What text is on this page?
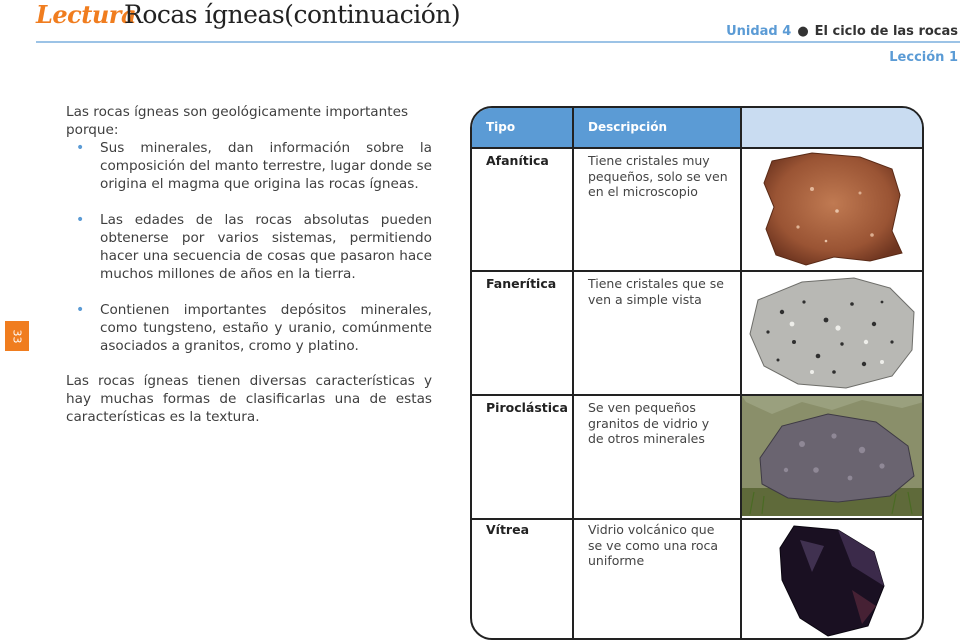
Lectura
Rocas ígneas(continuación)
Unidad 4 ● El ciclo de las rocas
Lección 1
33

Las rocas ígneas son geológicamente importantes porque:

• Sus minerales, dan información sobre la composición del manto terrestre, lugar donde se origina el magma que origina las rocas ígneas.
• Las edades de las rocas absolutas pueden obtenerse por varios sistemas, permitiendo hacer una secuencia de cosas que pasaron hace muchos millones de años en la tierra.
• Contienen importantes depósitos minerales, como tungsteno, estaño y uranio, comúnmente asociados a granitos, cromo y platino.

Las rocas ígneas tienen diversas características y hay muchas formas de clasificarlas una de estas características es la textura.

Tipo	Descripción
Afanítica	Tiene cristales muy pequeños, solo se ven en el microscopio
Fanerítica	Tiene cristales que se ven a simple vista
Piroclástica Se ven pequeños granitos de vidrio y de otros minerales
Vítrea	Vidrio volcánico que se ve como una roca uniforme
